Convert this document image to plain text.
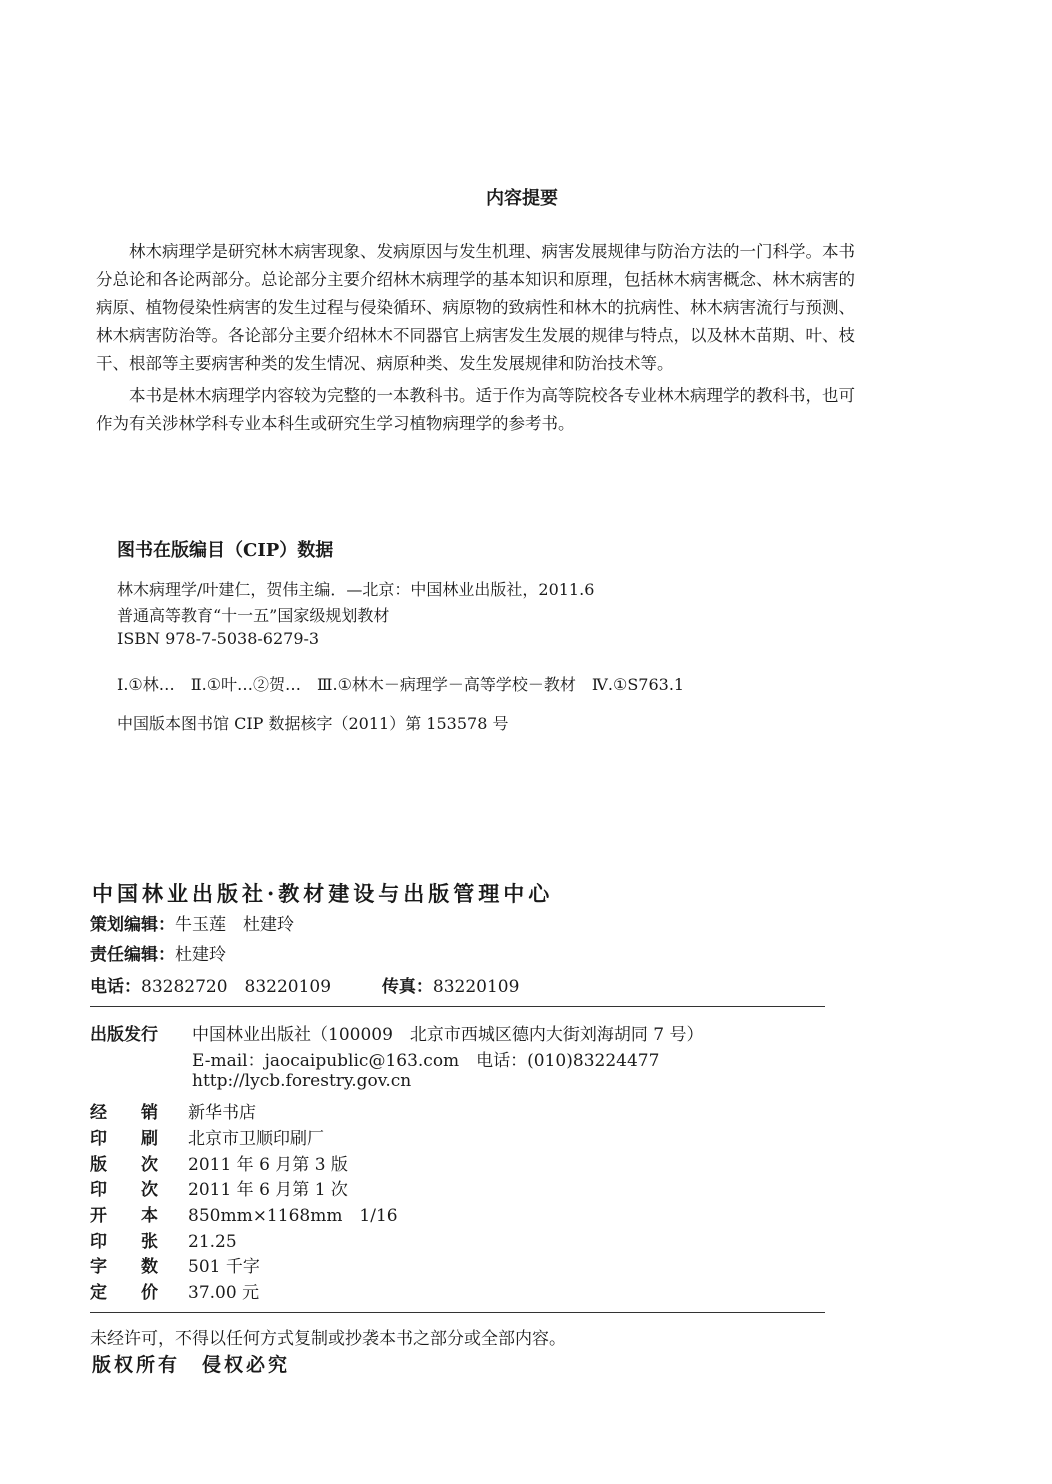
内容提要
林木病理学是研究林木病害现象、发病原因与发生机理、病害发展规律与防治方法的一门科学。本书
分总论和各论两部分。总论部分主要介绍林木病理学的基本知识和原理，包括林木病害概念、林木病害的
病原、植物侵染性病害的发生过程与侵染循环、病原物的致病性和林木的抗病性、林木病害流行与预测、
林木病害防治等。各论部分主要介绍林木不同器官上病害发生发展的规律与特点，以及林木苗期、叶、枝
干、根部等主要病害种类的发生情况、病原种类、发生发展规律和防治技术等。
本书是林木病理学内容较为完整的一本教科书。适于作为高等院校各专业林木病理学的教科书，也可
作为有关涉林学科专业本科生或研究生学习植物病理学的参考书。
图书在版编目（CIP）数据
林木病理学/叶建仁，贺伟主编．—北京：中国林业出版社，2011.6
普通高等教育“十一五”国家级规划教材
ISBN 978-7-5038-6279-3
Ⅰ.①林…　Ⅱ.①叶…②贺…　Ⅲ.①林木－病理学－高等学校－教材　Ⅳ.①S763.1
中国版本图书馆 CIP 数据核字（2011）第 153578 号
中国林业出版社·教材建设与出版管理中心
策划编辑：牛玉莲　杜建玲
责任编辑：杜建玲
电话：83282720　83220109	传真：83220109
出版发行 中国林业出版社（100009　北京市西城区德内大街刘海胡同 7 号）
E-mail：jaocaipublic@163.com　电话：(010)83224477
http://lycb.forestry.gov.cn
经　　销 新华书店
印　　刷 北京市卫顺印刷厂
版　　次 2011 年 6 月第 3 版
印　　次 2011 年 6 月第 1 次
开　　本 850mm×1168mm　1/16
印　　张 21.25
字　　数 501 千字
定　　价 37.00 元
未经许可，不得以任何方式复制或抄袭本书之部分或全部内容。
版权所有　侵权必究
